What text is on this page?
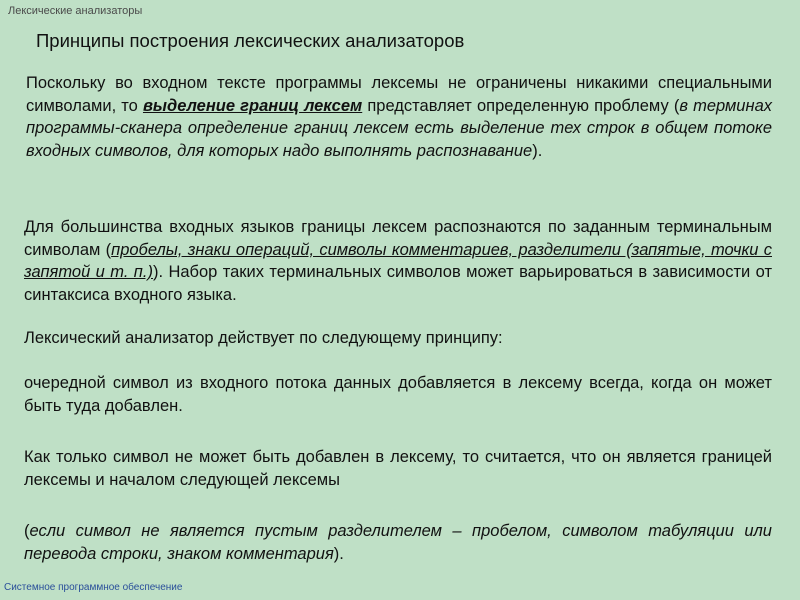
Лексические анализаторы
Принципы построения лексических анализаторов

Поскольку во входном тексте программы лексемы не ограничены никакими специальными символами, то выделение границ лексем представляет определенную проблему (в терминах программы-сканера определение границ лексем есть выделение тех строк в общем потоке входных символов, для которых надо выполнять распознавание).

Для большинства входных языков границы лексем распознаются по заданным терминальным символам (пробелы, знаки операций, символы комментариев, разделители (запятые, точки с запятой и т. п.)). Набор таких терминальных символов может варьироваться в зависимости от синтаксиса входного языка.

Лексический анализатор действует по следующему принципу:

очередной символ из входного потока данных добавляется в лексему всегда, когда он может быть туда добавлен.

Как только символ не может быть добавлен в лексему, то считается, что он является границей лексемы и началом следующей лексемы

(если символ не является пустым разделителем – пробелом, символом табуляции или перевода строки, знаком комментария).

Системное программное обеспечение
